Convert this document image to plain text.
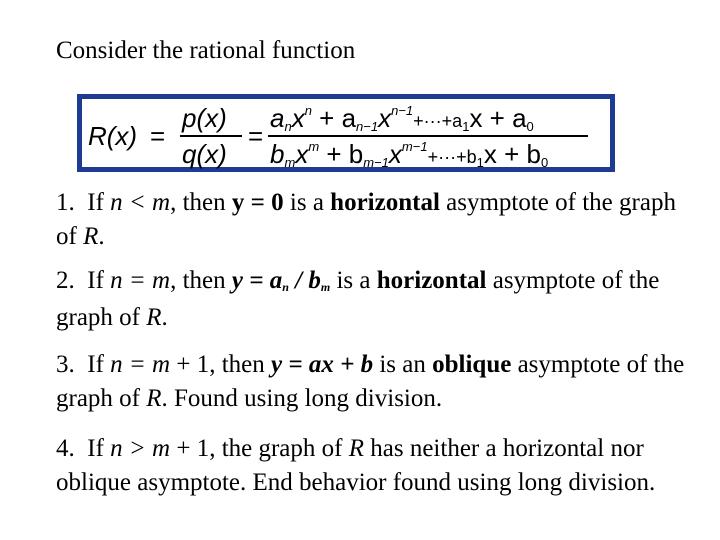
Consider the rational function
R(x) =
p(x)
q(x)
=
$anx^n + an-1x^{n-1}+\cdot\cdot\cdot+a1x + a0$
$bmx^m + bm-1x^{m-1}+\cdot\cdot\cdot+b1x + b0$
1. If n < m, then y = 0 is a horizontal asymptote of the graph of R.
2. If n = m, then y = an / bm is a horizontal asymptote of the graph of R.
3. If n = m + 1, then y = ax + b is an oblique asymptote of the graph of R. Found using long division.
4. If n > m + 1, the graph of R has neither a horizontal nor oblique asymptote. End behavior found using long division.
